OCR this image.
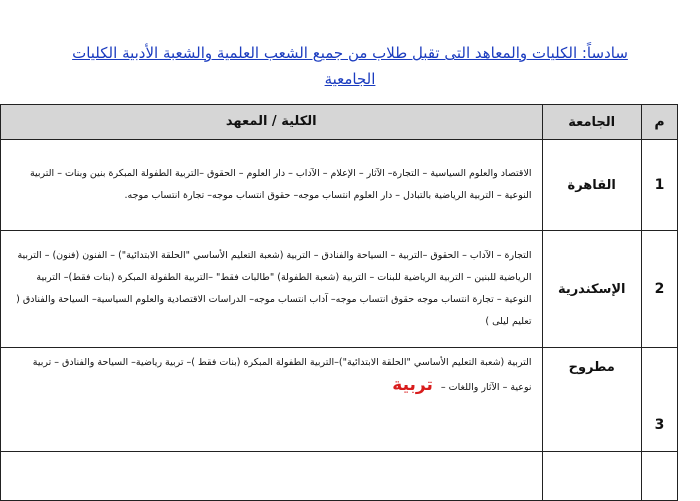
سادساً: الكليات والمعاهد التى تقبل طلاب من جميع الشعب العلمية والشعبة الأدبية الكليات
الجامعية
م	الجامعة	الكلية / المعهد
1	القاهرة	الاقتصاد والعلوم السياسية – التجارة– الآثار – الإعلام – الآداب – دار العلوم – الحقوق –التربية الطفولة المبكرة بنين وبنات – التربية النوعية – التربية الرياضية بالتبادل – دار العلوم انتساب موجه– حقوق انتساب موجه– تجارة انتساب موجه.
2	الإسكندرية	التجارة – الآداب – الحقوق –التربية – السياحة والفنادق – التربية (شعبة التعليم الأساسي "الحلقة الابتدائية") – الفنون (فنون) – التربية الرياضية للبنين – التربية الرياضية للبنات – التربية (شعبة الطفولة) "طالبات فقط" –التربية الطفولة المبكرة (بنات فقط)– التربية النوعية – تجارة انتساب موجه حقوق انتساب موجه– آداب انتساب موجه– الدراسات الاقتصادية والعلوم السياسية– السياحة والفنادق ( تعليم ليلى )
3	مطروح	التربية (شعبة التعليم الأساسي "الحلقة الابتدائية")–التربية الطفولة المبكرة (بنات فقط )– تربية رياضية– السياحة والفنادق – تربية نوعية – الآثار واللغات –تربية
